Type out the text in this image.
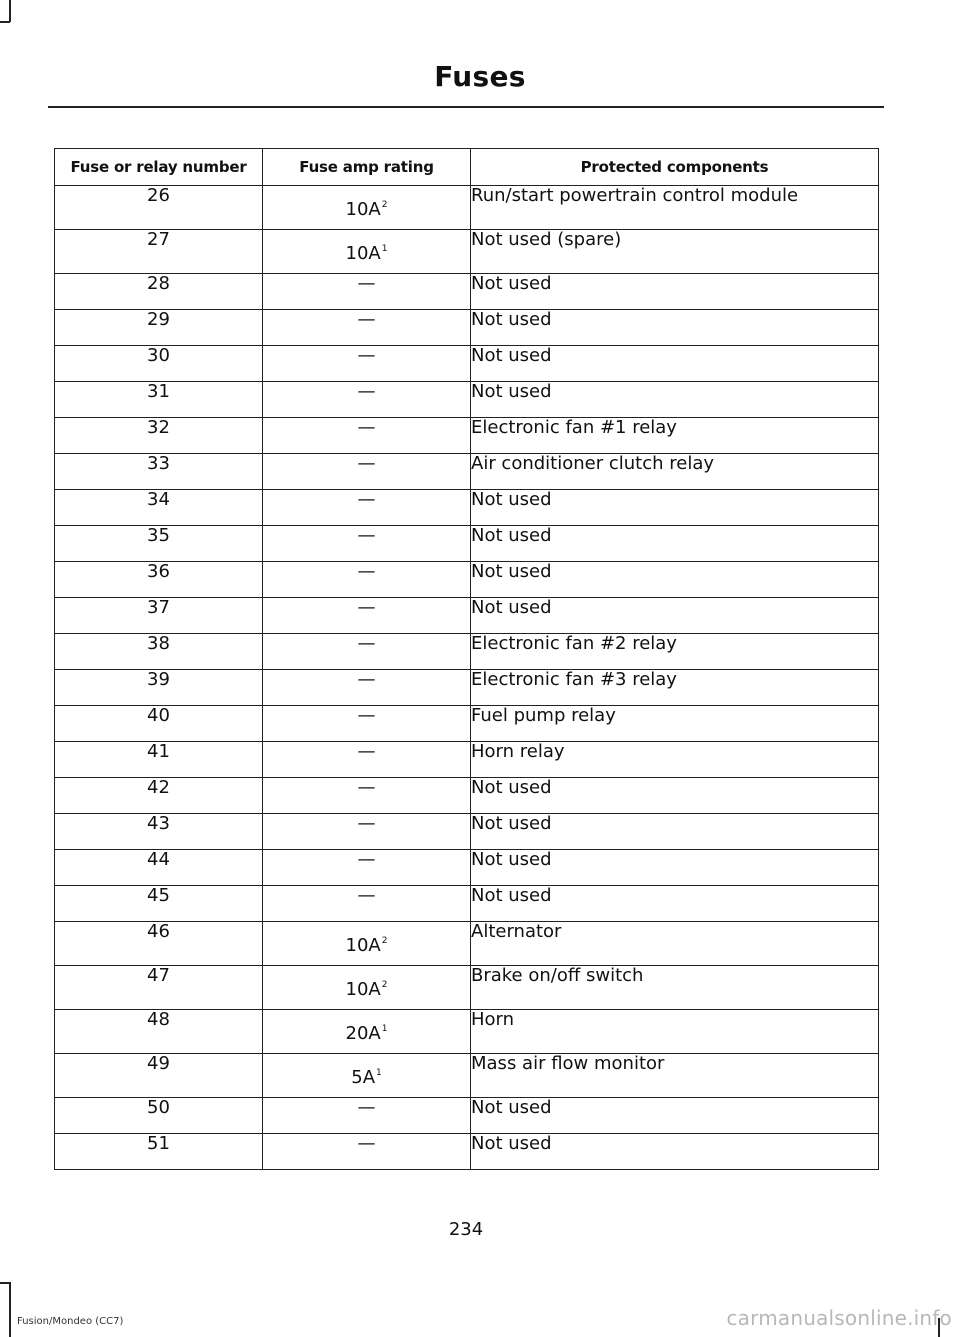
Fuses
Fuse or relay number	Fuse amp rating	Protected components
26	10A$^2$	Run/start powertrain control module
27	10A$^1$	Not used (spare)
28	—	Not used
29	—	Not used
30	—	Not used
31	—	Not used
32	—	Electronic fan #1 relay
33	—	Air conditioner clutch relay
34	—	Not used
35	—	Not used
36	—	Not used
37	—	Not used
38	—	Electronic fan #2 relay
39	—	Electronic fan #3 relay
40	—	Fuel pump relay
41	—	Horn relay
42	—	Not used
43	—	Not used
44	—	Not used
45	—	Not used
46	10A$^2$	Alternator
47	10A$^2$	Brake on/off switch
48	20A$^1$	Horn
49	5A$^1$	Mass air flow monitor
50	—	Not used
51	—	Not used
234
Fusion/Mondeo (CC7)	carmanualsonline.info
